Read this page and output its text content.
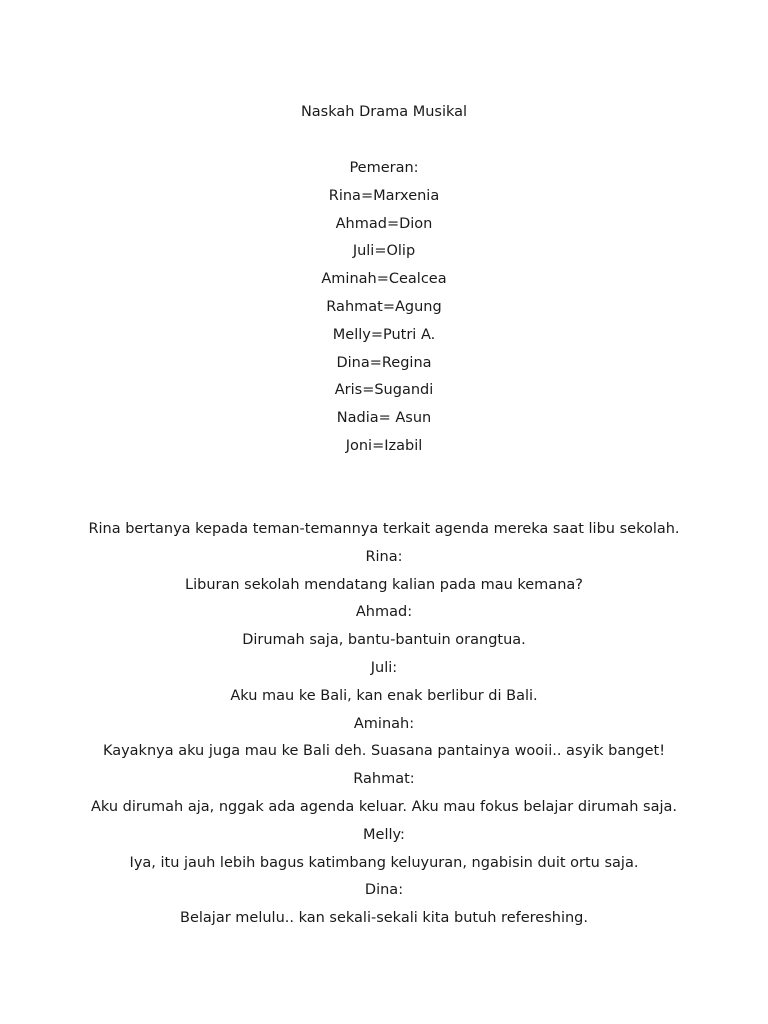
Naskah Drama Musikal
Pemeran:
Rina=Marxenia
Ahmad=Dion
Juli=Olip
Aminah=Cealcea
Rahmat=Agung
Melly=Putri A.
Dina=Regina
Aris=Sugandi
Nadia= Asun
Joni=Izabil
Rina bertanya kepada teman-temannya terkait agenda mereka saat libu sekolah.
Rina:
Liburan sekolah mendatang kalian pada mau kemana?
Ahmad:
Dirumah saja, bantu-bantuin orangtua.
Juli:
Aku mau ke Bali, kan enak berlibur di Bali.
Aminah:
Kayaknya aku juga mau ke Bali deh. Suasana pantainya wooii.. asyik banget!
Rahmat:
Aku dirumah aja, nggak ada agenda keluar. Aku mau fokus belajar dirumah saja.
Melly:
Iya, itu jauh lebih bagus katimbang keluyuran, ngabisin duit ortu saja.
Dina:
Belajar melulu.. kan sekali-sekali kita butuh refereshing.
